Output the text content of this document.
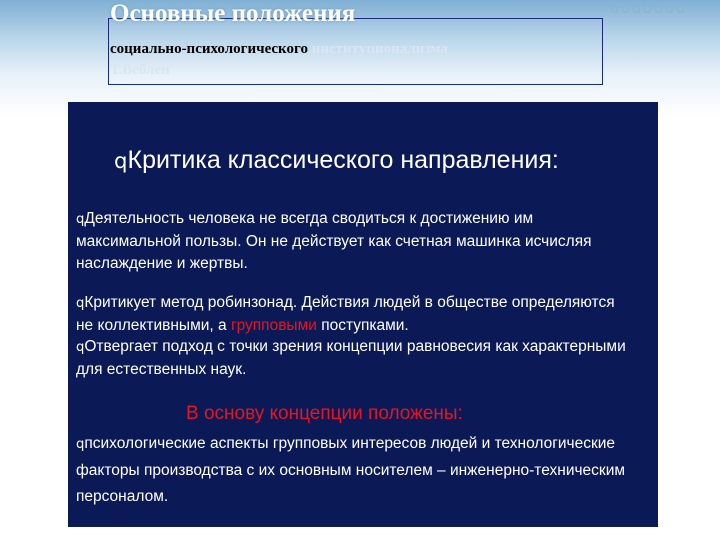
ɑʊɑʊɑʊɑ
Основные положения
социально-психологического институционализма
Т.Веблен
qКритика классического направления:
qДеятельность человека не всегда сводиться к достижению им максимальной пользы. Он не действует как счетная машинка исчисляя наслаждение и жертвы.
qКритикует метод робинзонад. Действия людей в обществе определяются не коллективными, а групповыми поступками.
qОтвергает подход с точки зрения концепции равновесия как характерными для естественных наук.
В основу концепции положены:
qпсихологические аспекты групповых интересов людей и технологические факторы производства с их основным носителем – инженерно-техническим персоналом.
